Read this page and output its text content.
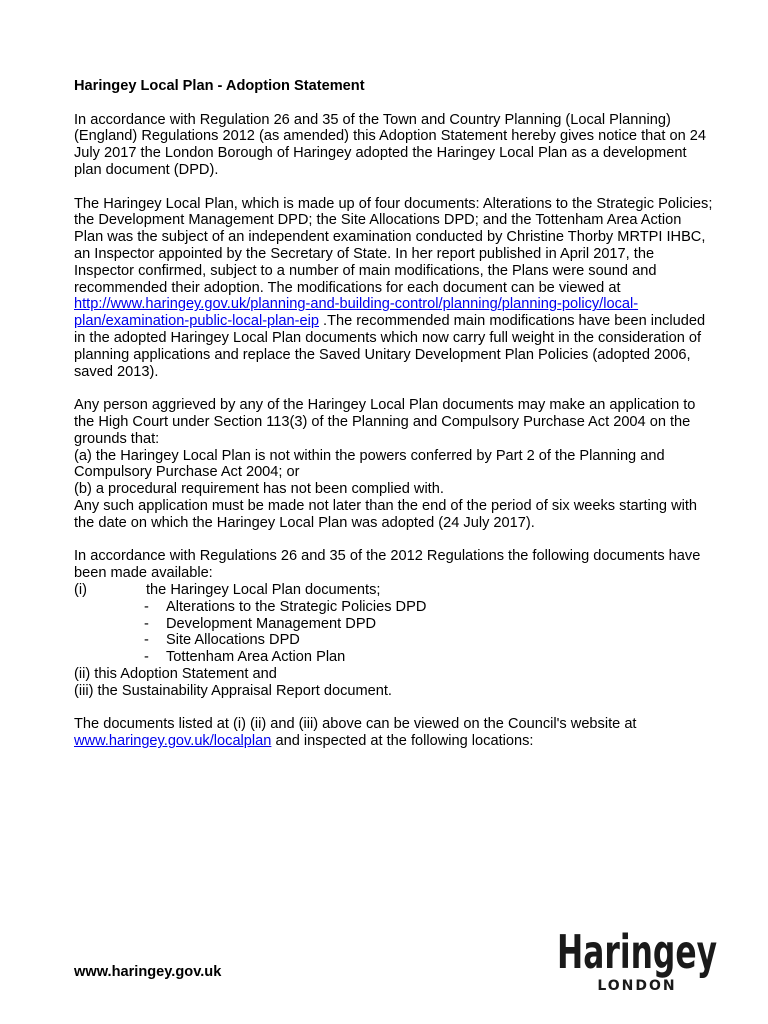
Haringey Local Plan - Adoption Statement

In accordance with Regulation 26 and 35 of the Town and Country Planning (Local Planning) (England) Regulations 2012 (as amended) this Adoption Statement hereby gives notice that on 24 July 2017 the London Borough of Haringey adopted the Haringey Local Plan as a development plan document (DPD).

The Haringey Local Plan, which is made up of four documents: Alterations to the Strategic Policies; the Development Management DPD; the Site Allocations DPD; and the Tottenham Area Action Plan was the subject of an independent examination conducted by Christine Thorby MRTPI IHBC, an Inspector appointed by the Secretary of State. In her report published in April 2017, the Inspector confirmed, subject to a number of main modifications, the Plans were sound and recommended their adoption. The modifications for each document can be viewed at http://www.haringey.gov.uk/planning-and-building-control/planning/planning-policy/local-plan/examination-public-local-plan-eip .The recommended main modifications have been included in the adopted Haringey Local Plan documents which now carry full weight in the consideration of planning applications and replace the Saved Unitary Development Plan Policies (adopted 2006, saved 2013).

Any person aggrieved by any of the Haringey Local Plan documents may make an application to the High Court under Section 113(3) of the Planning and Compulsory Purchase Act 2004 on the grounds that:
(a) the Haringey Local Plan is not within the powers conferred by Part 2 of the Planning and Compulsory Purchase Act 2004; or
(b) a procedural requirement has not been complied with.
Any such application must be made not later than the end of the period of six weeks starting with the date on which the Haringey Local Plan was adopted (24 July 2017).

In accordance with Regulations 26 and 35 of the 2012 Regulations the following documents have been made available:
(i)	the Haringey Local Plan documents;
-	Alterations to the Strategic Policies DPD
-	Development Management DPD
-	Site Allocations DPD
-	Tottenham Area Action Plan
(ii) this Adoption Statement and
(iii) the Sustainability Appraisal Report document.

The documents listed at (i) (ii) and (iii) above can be viewed on the Council's website at www.haringey.gov.uk/localplan and inspected at the following locations:

www.haringey.gov.uk	Haringey
LONDON
